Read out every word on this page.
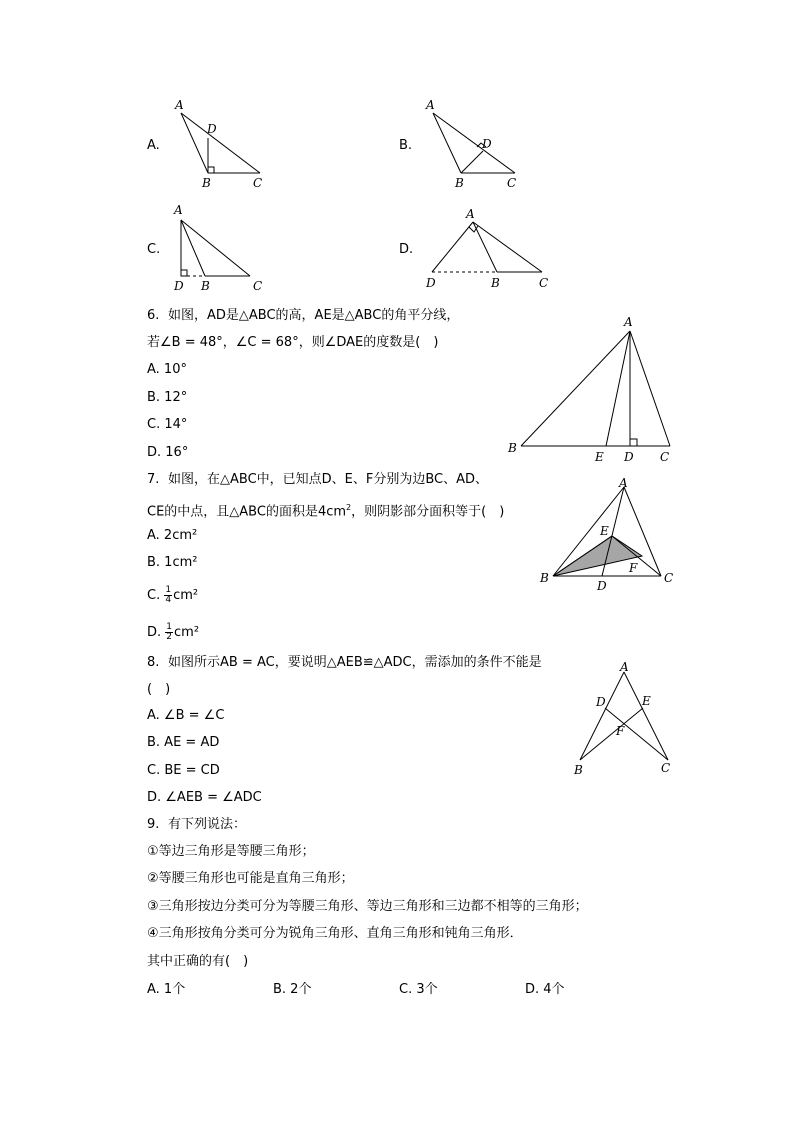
A.
A
D
B	C
B.
A
D
B	C
C.
A
D B	C
D.
A
D	B	C
6. 如图，AD是△ABC的高，AE是△ABC的角平分线，
若∠B = 48°，∠C = 68°，则∠DAE的度数是(　)
A. 10°
B. 12°
C. 14°
D. 16°
A
B
E D C
7. 如图，在△ABC中，已知点D、E、F分别为边BC、AD、
CE的中点，且△ABC的面积是$4cm^2$，则阴影部分面积等于(　)
A. 2cm²
B. 1cm²
C. $\frac{1}{4} cm^2$
D. $\frac{1}{2} cm^2$
A
B	C
D
E
F
8. 如图所示AB = AC，要说明△AEB≌△ADC，需添加的条件不能是
(　)
A. ∠B = ∠C
B. AE = AD
C. BE = CD
D. ∠AEB = ∠ADC
A
D	E
F
B	C
9. 有下列说法：
①等边三角形是等腰三角形；
②等腰三角形也可能是直角三角形；
③三角形按边分类可分为等腰三角形、等边三角形和三边都不相等的三角形；
④三角形按角分类可分为锐角三角形、直角三角形和钝角三角形．
其中正确的有(　)
A. 1个	B. 2个	C. 3个	D. 4个
